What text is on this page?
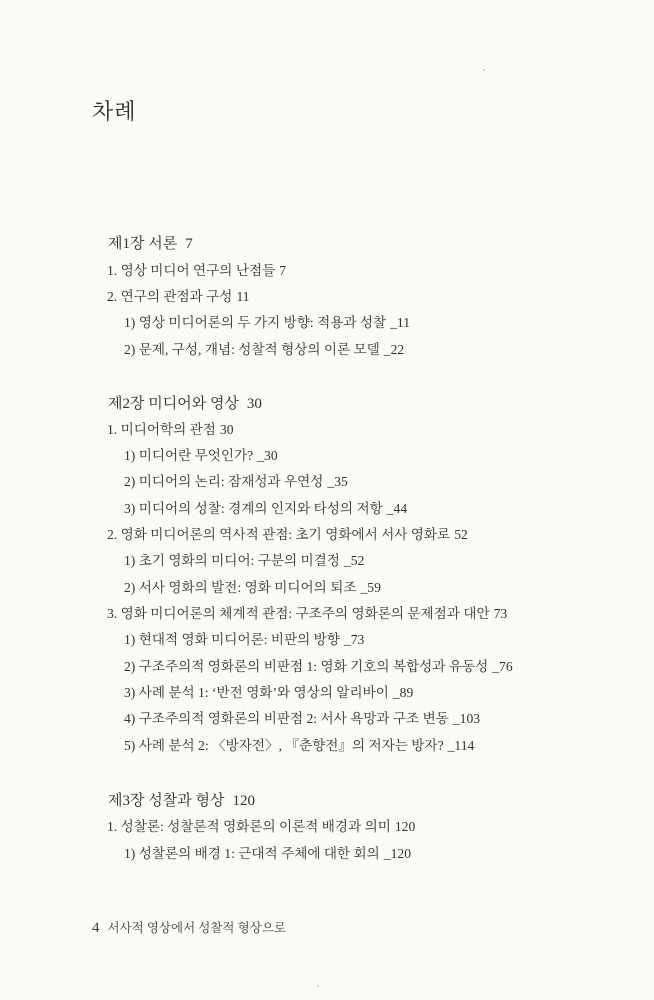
차례
제1장 서론 7
1. 영상 미디어 연구의 난점들 7
2. 연구의 관점과 구성 11
1) 영상 미디어론의 두 가지 방향: 적용과 성찰 _11
2) 문제, 구성, 개념: 성찰적 형상의 이론 모델 _22
제2장 미디어와 영상 30
1. 미디어학의 관점 30
1) 미디어란 무엇인가? _30
2) 미디어의 논리: 잠재성과 우연성 _35
3) 미디어의 성찰: 경계의 인지와 타성의 저항 _44
2. 영화 미디어론의 역사적 관점: 초기 영화에서 서사 영화로 52
1) 초기 영화의 미디어: 구분의 미결정 _52
2) 서사 영화의 발전: 영화 미디어의 퇴조 _59
3. 영화 미디어론의 체계적 관점: 구조주의 영화론의 문제점과 대안 73
1) 현대적 영화 미디어론: 비판의 방향 _73
2) 구조주의적 영화론의 비판점 1: 영화 기호의 복합성과 유동성 _76
3) 사례 분석 1: ‘반전 영화’와 영상의 알리바이 _89
4) 구조주의적 영화론의 비판점 2: 서사 욕망과 구조 변동 _103
5) 사례 분석 2: 〈방자전〉, 『춘향전』의 저자는 방자? _114
제3장 성찰과 형상 120
1. 성찰론: 성찰론적 영화론의 이론적 배경과 의미 120
1) 성찰론의 배경 1: 근대적 주체에 대한 회의 _120
4 서사적 영상에서 성찰적 형상으로
